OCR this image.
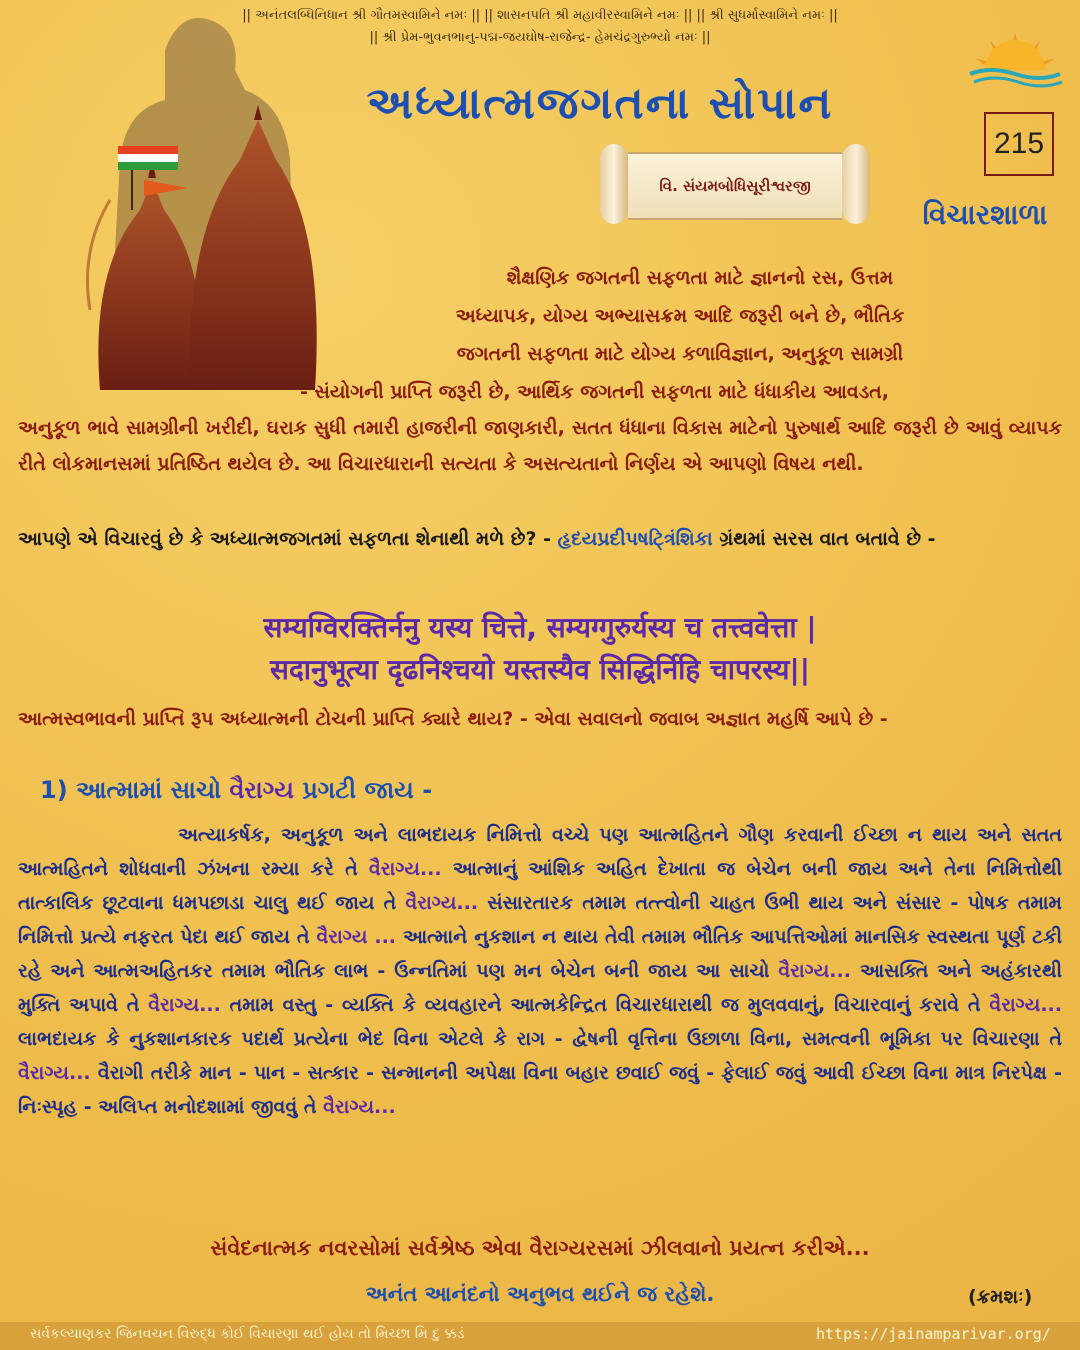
|| અનંતલબ્ધિનિધાન શ્રી ગૌતમસ્વામિને નમઃ || || શાસનપતિ શ્રી મહાવીરસ્વામિને નમઃ || || શ્રી સુધર્માસ્વામિને નમઃ ||
|| શ્રી પ્રેમ-ભુવનભાનુ-પદ્મ-જયઘોષ-રાજેન્દ્ર- હેમચંદ્રગુરુભ્યો નમઃ ||
અધ્યાત્મજગતના સોપાન
215
વિ. સંયમબોધિસૂરીશ્વરજી
વિચારશાળા
શૈક્ષણિક જગતની સફળતા માટે જ્ઞાનનો રસ, ઉત્તમ
અધ્યાપક, યોગ્ય અભ્યાસક્રમ આદિ જરૂરી બને છે, ભૌતિક
જગતની સફળતા માટે યોગ્ય કળાવિજ્ઞાન, અનુકૂળ સામગ્રી
- સંયોગની પ્રાપ્તિ જરૂરી છે, આર્થિક જગતની સફળતા માટે ધંધાકીય આવડત,
અનુકૂળ ભાવે સામગ્રીની ખરીદી, ઘરાક સુધી તમારી હાજરીની જાણકારી, સતત ધંધાના વિકાસ માટેનો પુરુષાર્થ આદિ જરૂરી છે આવું વ્યાપક રીતે લોકમાનસમાં પ્રતિષ્ઠિત થયેલ છે. આ વિચારધારાની સત્યતા કે અસત્યતાનો નિર્ણય એ આપણો વિષય નથી.
આપણે એ વિચારવું છે કે અધ્યાત્મજગતમાં સફળતા શેનાથી મળે છે? - હૃદયપ્રદીપષટ્ત્રિંશિકા ગ્રંથમાં સરસ વાત બતાવે છે -
सम्यग्विरक्तिर्ननु यस्य चित्ते, सम्यग्गुरुर्यस्य च तत्त्ववेत्ता |
सदानुभूत्या दृढनिश्चयो यस्तस्यैव सिद्धिर्निहि चापरस्य||
આત્મસ્વભાવની પ્રાપ્તિ રૂપ અધ્યાત્મની ટોચની પ્રાપ્તિ ક્યારે થાય? - એવા સવાલનો જવાબ અજ્ઞાત મહર્ષિ આપે છે -
1) આત્મામાં સાચો વૈરાગ્ય પ્રગટી જાય -
અત્યાકર્ષક, અનુકૂળ અને લાભદાયક નિમિત્તો વચ્ચે પણ આત્મહિતને ગૌણ કરવાની ઈચ્છા ન થાય અને સતત આત્મહિતને શોધવાની ઝંખના રમ્યા કરે તે વૈરાગ્ય... આત્માનું આંશિક અહિત દેખાતા જ બેચેન બની જાય અને તેના નિમિત્તોથી તાત્કાલિક છૂટવાના ધમપછાડા ચાલુ થઈ જાય તે વૈરાગ્ય... સંસારતારક તમામ તત્ત્વોની ચાહત ઉભી થાય અને સંસાર - પોષક તમામ નિમિત્તો પ્રત્યે નફરત પેદા થઈ જાય તે વૈરાગ્ય ... આત્માને નુકશાન ન થાય તેવી તમામ ભૌતિક આપત્તિઓમાં માનસિક સ્વસ્થતા પૂર્ણ ટકી રહે અને આત્મઅહિતકર તમામ ભૌતિક લાભ - ઉન્નતિમાં પણ મન બેચેન બની જાય આ સાચો વૈરાગ્ય... આસક્તિ અને અહંકારથી મુક્તિ અપાવે તે વૈરાગ્ય... તમામ વસ્તુ - વ્યક્તિ કે વ્યવહારને આત્મકેન્દ્રિત વિચારધારાથી જ મુલવવાનું, વિચારવાનું કરાવે તે વૈરાગ્ય... લાભદાયક કે નુકશાનકારક પદાર્થ પ્રત્યેના ભેદ વિના એટલે કે રાગ - દ્વેષની વૃત્તિના ઉછાળા વિના, સમત્વની ભૂમિકા પર વિચારણા તે વૈરાગ્ય... વૈરાગી તરીકે માન - પાન - સત્કાર - સન્માનની અપેક્ષા વિના બહાર છવાઈ જવું - ફેલાઈ જવું આવી ઈચ્છા વિના માત્ર નિરપેક્ષ - નિઃસ્પૃહ - અલિપ્ત મનોદશામાં જીવવું તે વૈરાગ્ય...
સંવેદનાત્મક નવરસોમાં સર્વશ્રેષ્ઠ એવા વૈરાગ્યરસમાં ઝીલવાનો પ્રયત્ન કરીએ...
અનંત આનંદનો અનુભવ થઈને જ રહેશે.	(ક્રમશઃ)
સર્વકલ્યાણકર જિનવચન વિરુદ્ધ કોઈ વિચારણા થઈ હોય તો મિચ્છા મિ દુ ક્કડં	https://jainamparivar.org/
